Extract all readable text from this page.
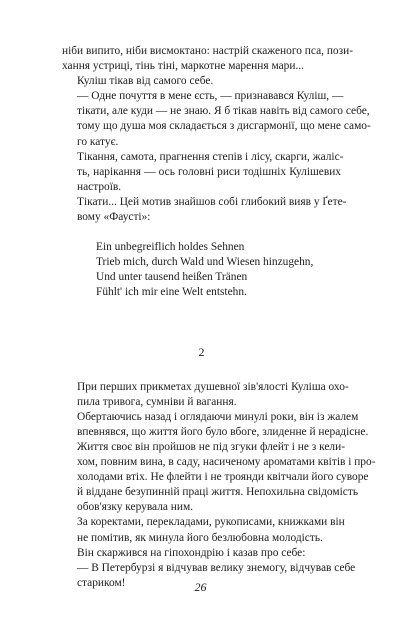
ніби випито, ніби висмоктано: настрій скаженого пса, пози-
хання устриці, тінь тіні, маркотне марення мари...

Куліш тікав від самого себе.

— Одне почуття в мене єсть, — признавався Куліш, —
тікати, але куди — не знаю. Я б тікав навіть від самого себе,
тому що душа моя складається з дисгармонії, що мене само-
го катує.

Тікання, самота, прагнення степів і лісу, скарги, жаліс-
ть, нарікання — ось головні риси тодішніх Кулішевих
настроїв.

Тікати... Цей мотив знайшов собі глибокий вияв у Ґете-
вому «Фаусті»:

Ein unbegreiflich holdes Sehnen
Trieb mich, durch Wald und Wiesen hinzugehn,
Und unter tausend heißen Tränen
Fühlt' ich mir eine Welt entstehn.
2

При перших прикметах душевної зів'ялості Куліша охо-
пила тривога, сумніви й вагання.

Обертаючись назад і оглядаючи минулі роки, він із жалем
впевнявся, що життя його було вбоге, злиденне й нерадісне.

Життя своє він пройшов не під згуки флейт і не з кели-
хом, повним вина, в саду, насиченому ароматами квітів і про-
холодами втіх. Не флейти і не троянди квітчали його суворе
й віддане безупинній праці життя. Непохильна свідомість
обов'язку керувала ним.

За коректами, перекладами, рукописами, книжками він
не помітив, як минула його безлюбовна молодість.

Він скаржився на гіпохондрію і казав про себе:

— В Петербурзі я відчував велику знемогу, відчував себе
стариком!	26
